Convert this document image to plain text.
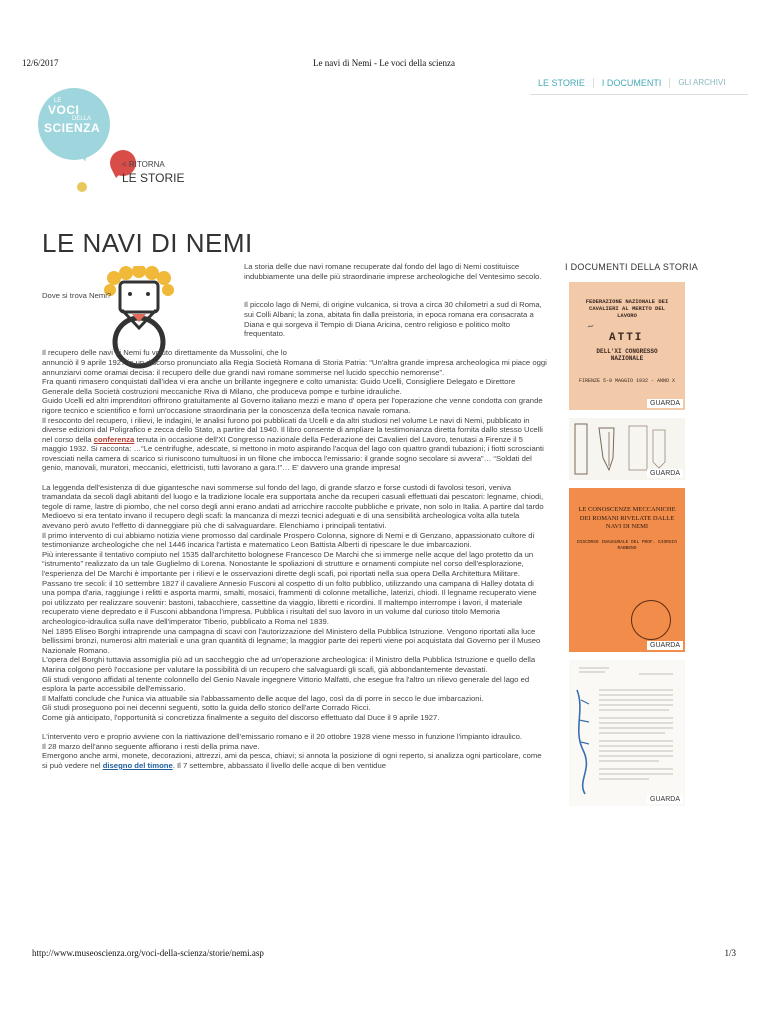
12/6/2017	Le navi di Nemi - Le voci della scienza
LE
VOCI
DELLA
SCIENZA
LE STORIE	I DOCUMENTI	GLI ARCHIVI
< RITORNA
LE STORIE
LE NAVI DI NEMI

La storia delle due navi romane recuperate dal fondo del lago di Nemi costituisce indubbiamente una delle più straordinarie imprese archeologiche del Ventesimo secolo.

Dove si trova Nemi?

Il piccolo lago di Nemi, di origine vulcanica, si trova a circa 30 chilometri a sud di Roma, sui Colli Albani; la zona, abitata fin dalla preistoria, in epoca romana era consacrata a Diana e qui sorgeva il Tempio di Diana Aricina, centro religioso e politico molto frequentato.

Il recupero delle navi di Nemi fu voluto direttamente da Mussolini, che lo

annunciò il 9 aprile 1927 in un discorso pronunciato alla Regia Società Romana di Storia Patria: “Un'altra grande impresa archeologica mi piace oggi annunziarvi come oramai decisa: il recupero delle due grandi navi romane sommerse nel lucido specchio nemorense”.

Fra quanti rimasero conquistati dall'idea vi era anche un brillante ingegnere e colto umanista: Guido Ucelli, Consigliere Delegato e Direttore Generale della Società costruzioni meccaniche Riva di Milano, che produceva pompe e turbine idrauliche.

Guido Ucelli ed altri imprenditori offrirono gratuitamente al Governo italiano mezzi e mano d' opera per l'operazione che venne condotta con grande rigore tecnico e scientifico e fornì un'occasione straordinaria per la conoscenza della tecnica navale romana.

Il resoconto del recupero, i rilievi, le indagini, le analisi furono poi pubblicati da Ucelli e da altri studiosi nel volume Le navi di Nemi, pubblicato in diverse edizioni dal Poligrafico e zecca dello Stato, a partire dal 1940. Il libro consente di ampliare la testimonianza diretta fornita dallo stesso Ucelli nel corso della conferenza tenuta in occasione dell'XI Congresso nazionale della Federazione dei Cavalieri del Lavoro, tenutasi a Firenze il 5 maggio 1932. Si racconta: …“Le centrifughe, adescate, si mettono in moto aspirando l'acqua del lago con quattro grandi tubazioni; i fiotti scroscianti rovesciati nella camera di scarico si riuniscono tumultuosi in un filone che imbocca l'emissario: il grande sogno secolare si avvera”… “Soldati del genio, manovali, muratori, meccanici, elettricisti, tutti lavorano a gara.!”… E' davvero una grande impresa!

La leggenda dell'esistenza di due gigantesche navi sommerse sul fondo del lago, di grande sfarzo e forse custodi di favolosi tesori, veniva tramandata da secoli dagli abitanti del luogo e la tradizione locale era supportata anche da recuperi casuali effettuati dai pescatori: legname, chiodi, tegole di rame, lastre di piombo, che nel corso degli anni erano andati ad arricchire raccolte pubbliche e private, non solo in Italia. A partire dal tardo Medioevo si era tentato invano il recupero degli scafi: la mancanza di mezzi tecnici adeguati e di una sensibilità archeologica volta alla tutela avevano però avuto l'effetto di danneggiare più che di salvaguardare. Elenchiamo i principali tentativi.

Il primo intervento di cui abbiamo notizia viene promosso dal cardinale Prospero Colonna, signore di Nemi e di Genzano, appassionato cultore di testimonianze archeologiche che nel 1446 incarica l'artista e matematico Leon Battista Alberti di ripescare le due imbarcazioni.

Più interessante il tentativo compiuto nel 1535 dall'architetto bolognese Francesco De Marchi che si immerge nelle acque del lago protetto da un “istrumento” realizzato da un tale Guglielmo di Lorena. Nonostante le spoliazioni di strutture e ornamenti compiute nel corso dell'esplorazione, l'esperienza del De Marchi è importante per i rilievi e le osservazioni dirette degli scafi, poi riportati nella sua opera Della Architettura Militare.

Passano tre secoli: il 10 settembre 1827 il cavaliere Annesio Fusconi al cospetto di un folto pubblico, utilizzando una campana di Halley dotata di una pompa d'aria, raggiunge i relitti e asporta marmi, smalti, mosaici, frammenti di colonne metalliche, laterizi, chiodi. Il legname recuperato viene poi utilizzato per realizzare souvenir: bastoni, tabacchiere, cassettine da viaggio, libretti e ricordini. Il maltempo interrompe i lavori, il materiale recuperato viene depredato e il Fusconi abbandona l'impresa. Pubblica i risultati del suo lavoro in un volume dal curioso titolo Memoria archeologico-idraulica sulla nave dell'imperator Tiberio, pubblicato a Roma nel 1839.

Nel 1895 Eliseo Borghi intraprende una campagna di scavi con l'autorizzazione del Ministero della Pubblica Istruzione. Vengono riportati alla luce bellissimi bronzi, numerosi altri materiali e una gran quantità di legname; la maggior parte dei reperti viene poi acquistata dal Governo per il Museo Nazionale Romano.

L'opera del Borghi tuttavia assomiglia più ad un saccheggio che ad un'operazione archeologica: il Ministro della Pubblica Istruzione e quello della Marina colgono però l'occasione per valutare la possibilità di un recupero che salvaguardi gli scafi, già abbondantemente devastati.

Gli studi vengono affidati al tenente colonnello del Genio Navale ingegnere Vittorio Malfatti, che esegue fra l'altro un rilievo generale del lago ed esplora la parte accessibile dell'emissario.

Il Malfatti conclude che l'unica via attuabile sia l'abbassamento delle acque del lago, così da di porre in secco le due imbarcazioni.

Gli studi proseguono poi nei decenni seguenti, sotto la guida dello storico dell'arte Corrado Ricci.

Come già anticipato, l'opportunità si concretizza finalmente a seguito del discorso effettuato dal Duce il 9 aprile 1927.

L'intervento vero e proprio avviene con la riattivazione dell'emissario romano e il 20 ottobre 1928 viene messo in funzione l'impianto idraulico.

Il 28 marzo dell'anno seguente affiorano i resti della prima nave.

Emergono anche armi, monete, decorazioni, attrezzi, ami da pesca, chiavi; si annota la posizione di ogni reperto, si analizza ogni particolare, come si può vedere nel disegno del timone. Il 7 settembre, abbassato il livello delle acque di ben ventidue

I DOCUMENTI DELLA STORIA
FEDERAZIONE NAZIONALE DEI CAVALIERI AL MERITO DEL LAVORO
~
ATTI
DELL'XI CONGRESSO NAZIONALE
FIRENZE 5-9 MAGGIO 1932 - ANNO X
GUARDA
GUARDA
LE CONOSCENZE MECCANICHE DEI ROMANI RIVELATE DALLE NAVI DI NEMI
DISCORSO INAUGURALE DEL PROF. GIORGIO RABBENO
GUARDA
GUARDA
http://www.museoscienza.org/voci-della-scienza/storie/nemi.asp	1/3
